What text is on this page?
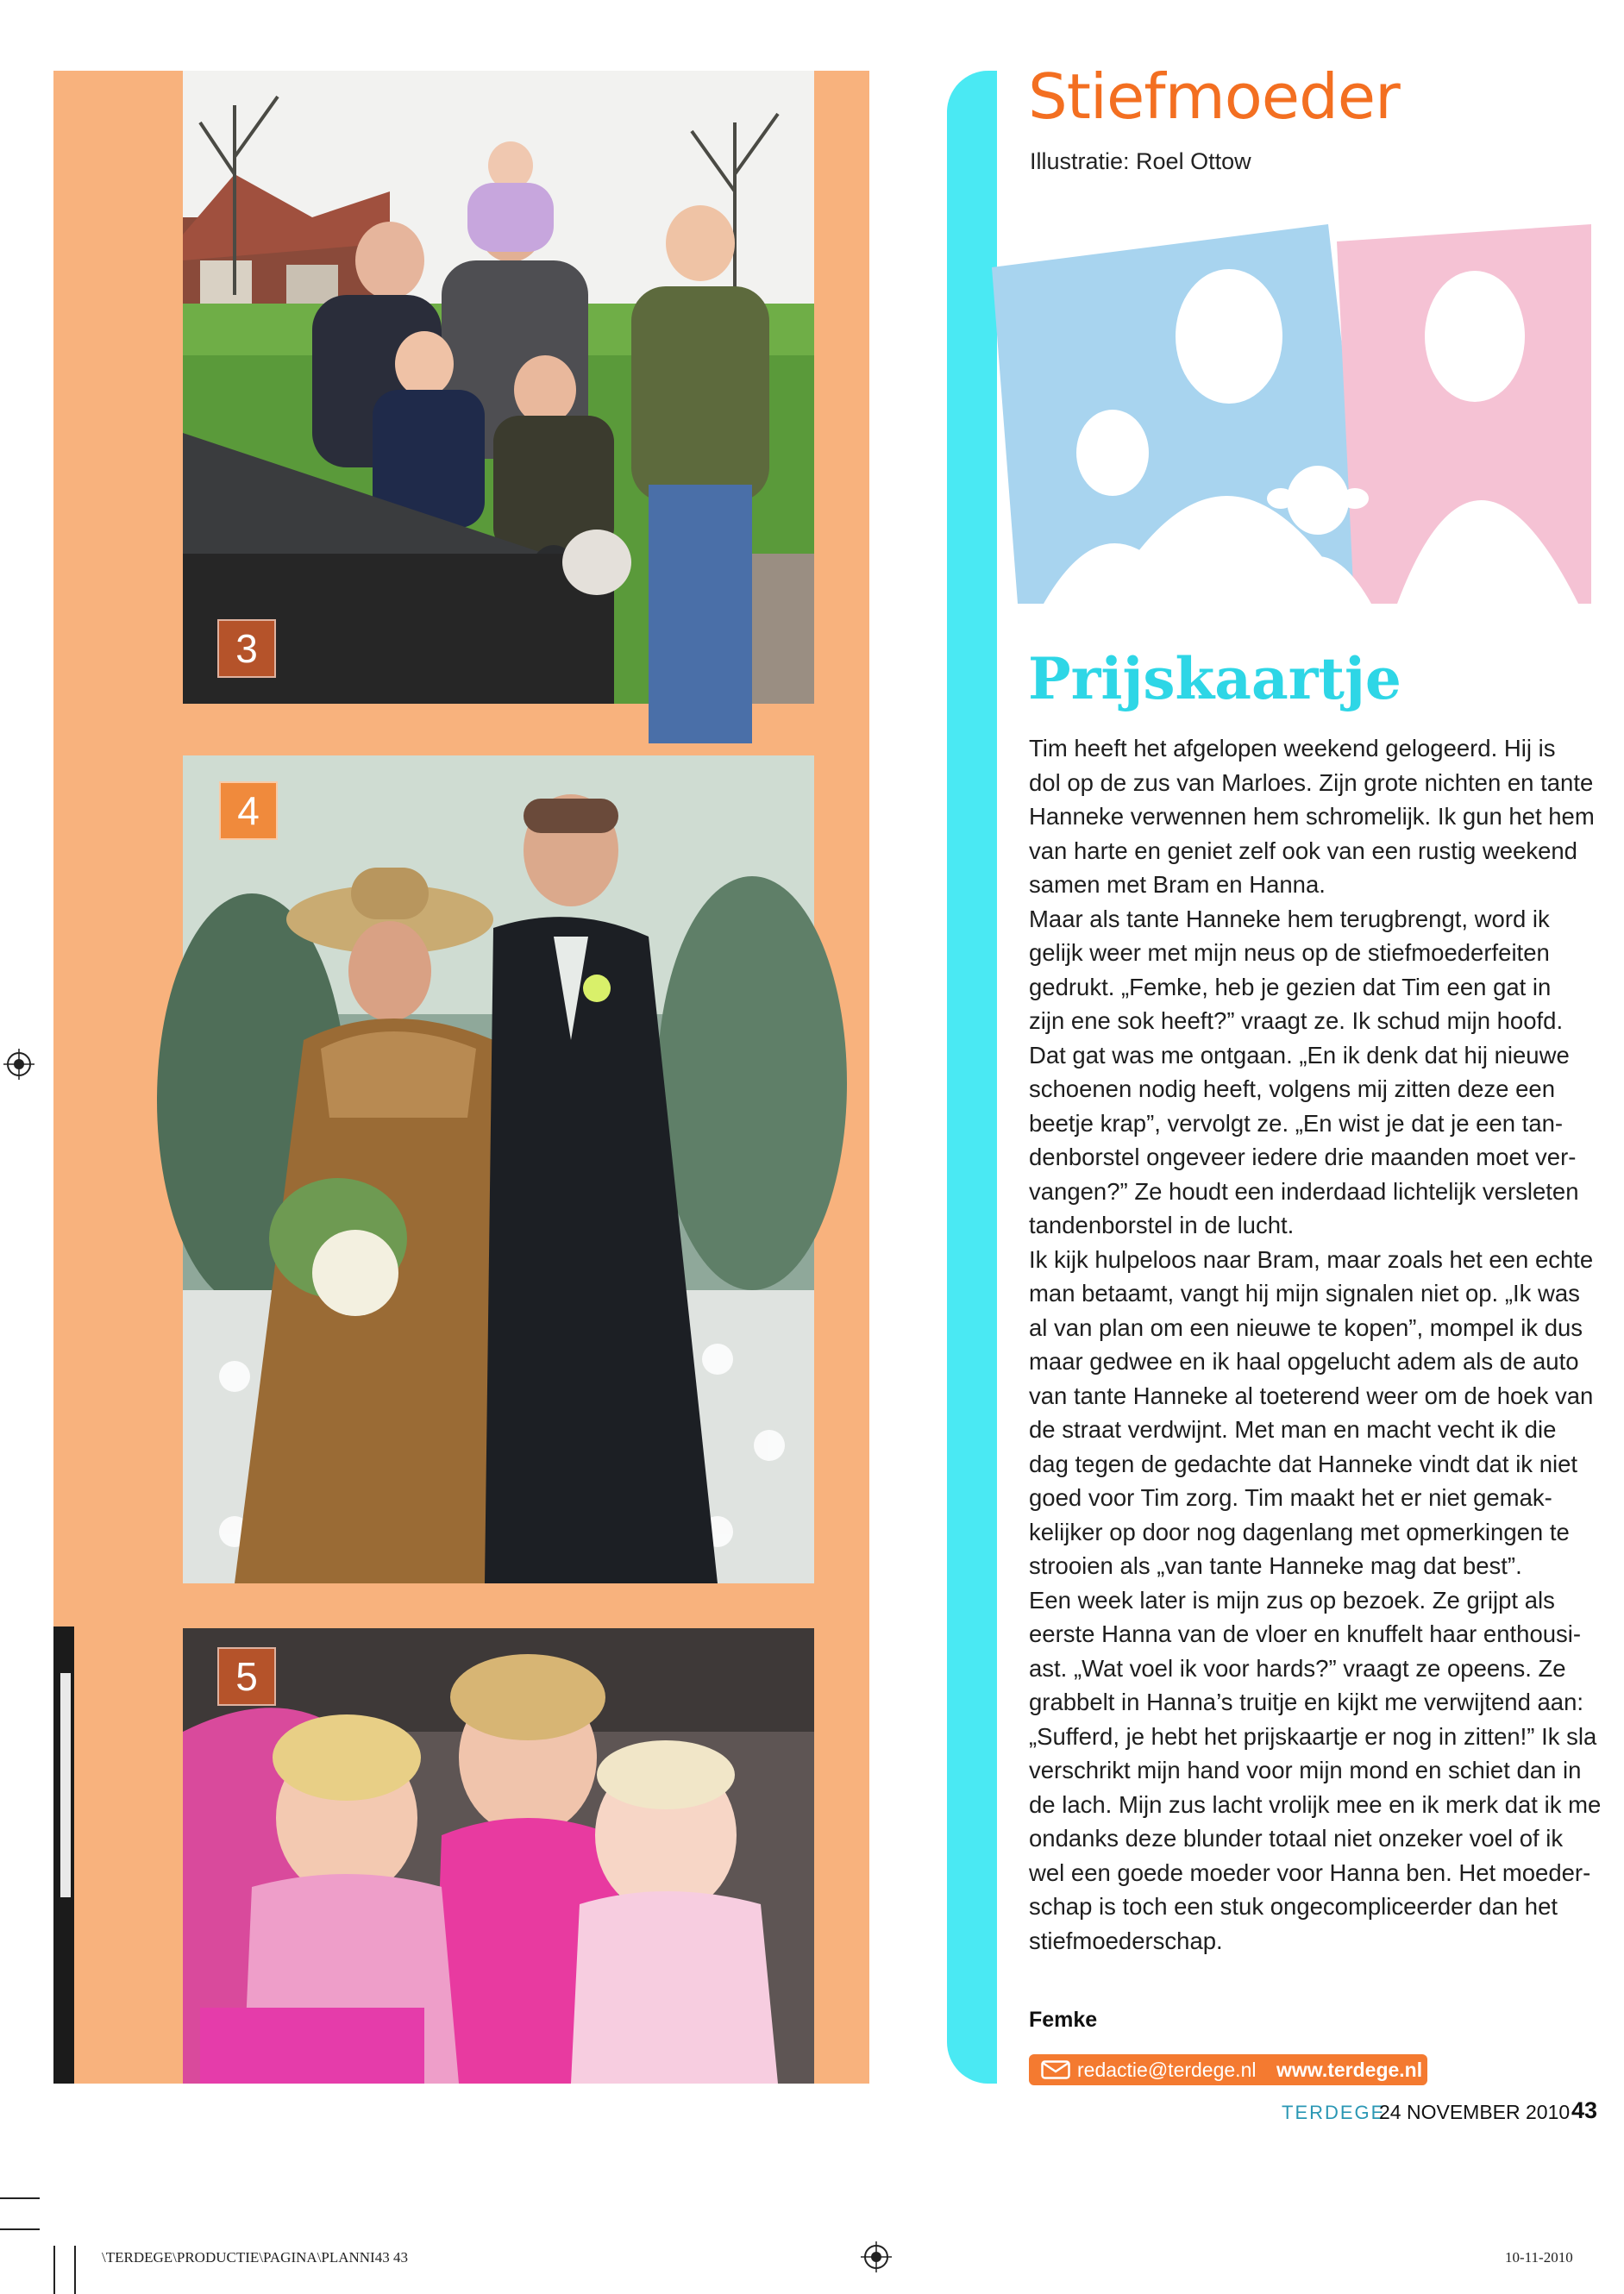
3
4
5
Stiefmoeder
Illustratie: Roel Ottow
Prijskaartje

Tim heeft het afgelopen weekend gelogeerd. Hij is

dol op de zus van Marloes. Zijn grote nichten en tante

Hanneke verwennen hem schromelijk. Ik gun het hem

van harte en geniet zelf ook van een rustig weekend

samen met Bram en Hanna.

Maar als tante Hanneke hem terugbrengt, word ik

gelijk weer met mijn neus op de stiefmoederfeiten

gedrukt. „Femke, heb je gezien dat Tim een gat in

zijn ene sok heeft?” vraagt ze. Ik schud mijn hoofd.

Dat gat was me ontgaan. „En ik denk dat hij nieuwe

schoenen nodig heeft, volgens mij zitten deze een

beetje krap”, vervolgt ze. „En wist je dat je een tan-

denborstel ongeveer iedere drie maanden moet ver-

vangen?” Ze houdt een inderdaad lichtelijk versleten

tandenborstel in de lucht.

Ik kijk hulpeloos naar Bram, maar zoals het een echte

man betaamt, vangt hij mijn signalen niet op. „Ik was

al van plan om een nieuwe te kopen”, mompel ik dus

maar gedwee en ik haal opgelucht adem als de auto

van tante Hanneke al toeterend weer om de hoek van

de straat verdwijnt. Met man en macht vecht ik die

dag tegen de gedachte dat Hanneke vindt dat ik niet

goed voor Tim zorg. Tim maakt het er niet gemak-

kelijker op door nog dagenlang met opmerkingen te

strooien als „van tante Hanneke mag dat best”.

Een week later is mijn zus op bezoek. Ze grijpt als

eerste Hanna van de vloer en knuffelt haar enthousi-

ast. „Wat voel ik voor hards?” vraagt ze opeens. Ze

grabbelt in Hanna’s truitje en kijkt me verwijtend aan:

„Sufferd, je hebt het prijskaartje er nog in zitten!” Ik sla

verschrikt mijn hand voor mijn mond en schiet dan in

de lach. Mijn zus lacht vrolijk mee en ik merk dat ik me

ondanks deze blunder totaal niet onzeker voel of ik

wel een goede moeder voor Hanna ben. Het moeder-

schap is toch een stuk ongecompliceerder dan het

stiefmoederschap.

Femke
redactie@terdege.nl www.terdege.nl
TERDEGE
24 NOVEMBER 2010 43
\TERDEGE\PRODUCTIE\PAGINA\PLANNI43 43	10-11-2010
